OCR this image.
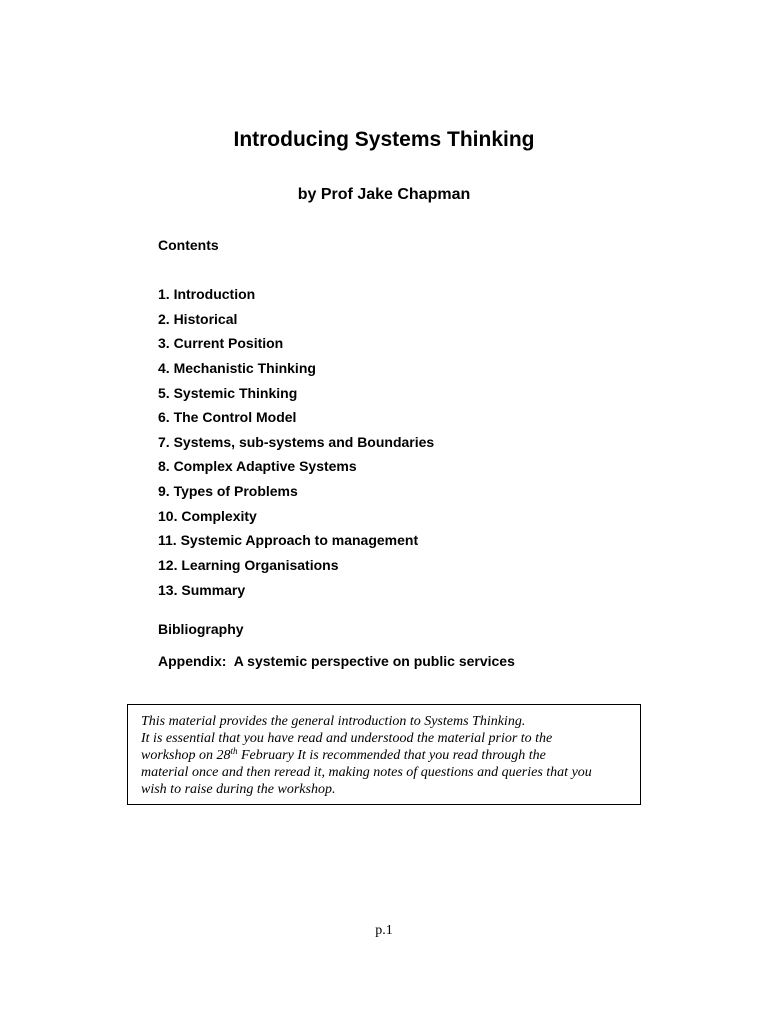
Introducing Systems Thinking
by Prof Jake Chapman
Contents
1. Introduction
2. Historical
3. Current Position
4. Mechanistic Thinking
5. Systemic Thinking
6. The Control Model
7. Systems, sub-systems and Boundaries
8. Complex Adaptive Systems
9. Types of Problems
10. Complexity
11. Systemic Approach to management
12. Learning Organisations
13. Summary
Bibliography
Appendix:  A systemic perspective on public services

This material provides the general introduction to Systems Thinking.

It is essential that you have read and understood the material prior to the

workshop on 28th February It is recommended that you read through the

material once and then reread it, making notes of questions and queries that you

wish to raise during the workshop.

p.1
